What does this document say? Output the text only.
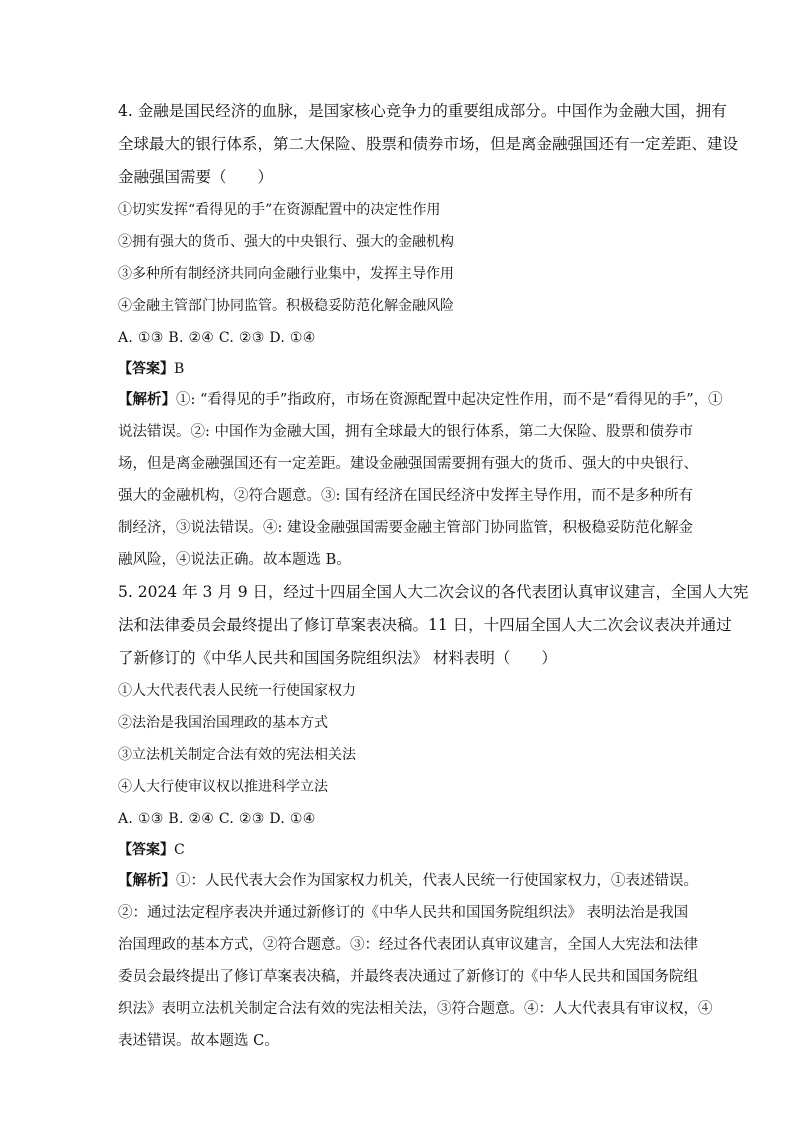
4. 金融是国民经济的血脉，是国家核心竞争力的重要组成部分。中国作为金融大国，拥有
全球最大的银行体系，第二大保险、股票和债券市场，但是离金融强国还有一定差距、建设
金融强国需要（　　）
①切实发挥“看得见的手”在资源配置中的决定性作用
②拥有强大的货币、强大的中央银行、强大的金融机构
③多种所有制经济共同向金融行业集中，发挥主导作用
④金融主管部门协同监管。积极稳妥防范化解金融风险
A. ①③ B. ②④ C. ②③ D. ①④
【答案】B
【解析】①: “看得见的手”指政府，市场在资源配置中起决定性作用，而不是“看得见的手”，①
说法错误。②: 中国作为金融大国，拥有全球最大的银行体系，第二大保险、股票和债券市
场，但是离金融强国还有一定差距。建设金融强国需要拥有强大的货币、强大的中央银行、
强大的金融机构，②符合题意。③: 国有经济在国民经济中发挥主导作用，而不是多种所有
制经济，③说法错误。④: 建设金融强国需要金融主管部门协同监管，积极稳妥防范化解金
融风险，④说法正确。故本题选 B。
5. 2024 年 3 月 9 日，经过十四届全国人大二次会议的各代表团认真审议建言，全国人大宪
法和法律委员会最终提出了修订草案表决稿。11 日，十四届全国人大二次会议表决并通过
了新修订的《中华人民共和国国务院组织法》 材料表明（　　）
①人大代表代表人民统一行使国家权力
②法治是我国治国理政的基本方式
③立法机关制定合法有效的宪法相关法
④人大行使审议权以推进科学立法
A. ①③ B. ②④ C. ②③ D. ①④
【答案】C
【解析】①：人民代表大会作为国家权力机关，代表人民统一行使国家权力，①表述错误。
②：通过法定程序表决并通过新修订的《中华人民共和国国务院组织法》 表明法治是我国
治国理政的基本方式，②符合题意。③：经过各代表团认真审议建言，全国人大宪法和法律
委员会最终提出了修订草案表决稿，并最终表决通过了新修订的《中华人民共和国国务院组
织法》表明立法机关制定合法有效的宪法相关法，③符合题意。④：人大代表具有审议权，④
表述错误。故本题选 C。
